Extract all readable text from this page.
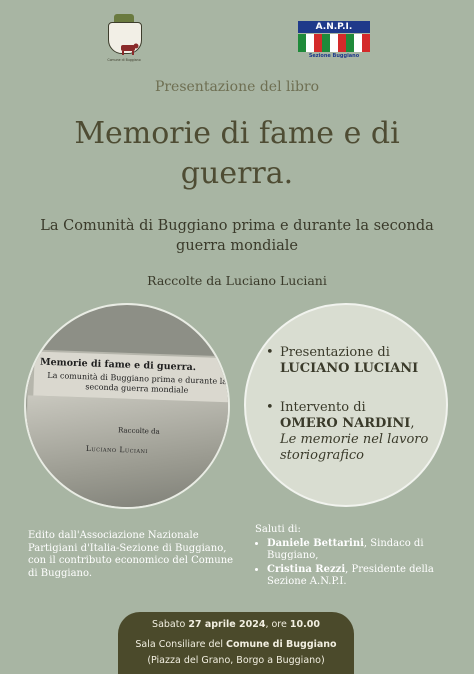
Comune di Buggiano
A.N.P.I.
Sezione Buggiano
Presentazione del libro
Memorie di fame e di guerra.
La Comunità di Buggiano prima e durante la seconda guerra mondiale
Raccolte da Luciano Luciani
Memorie di fame e di guerra.
La comunità di Buggiano prima e durante la seconda guerra mondiale
Raccolte da
Luciano Luciani
• Presentazione di
LUCIANO LUCIANI
• Intervento di
OMERO NARDINI,
Le memorie nel lavoro storiografico
Edito dall'Associazione Nazionale Partigiani d'Italia-Sezione di Buggiano, con il contributo economico del Comune di Buggiano.
Saluti di:
• Daniele Bettarini, Sindaco di Buggiano,
• Cristina Rezzi, Presidente della Sezione A.N.P.I.
Sabato 27 aprile 2024, ore 10.00
Sala Consiliare del Comune di Buggiano
(Piazza del Grano, Borgo a Buggiano)
